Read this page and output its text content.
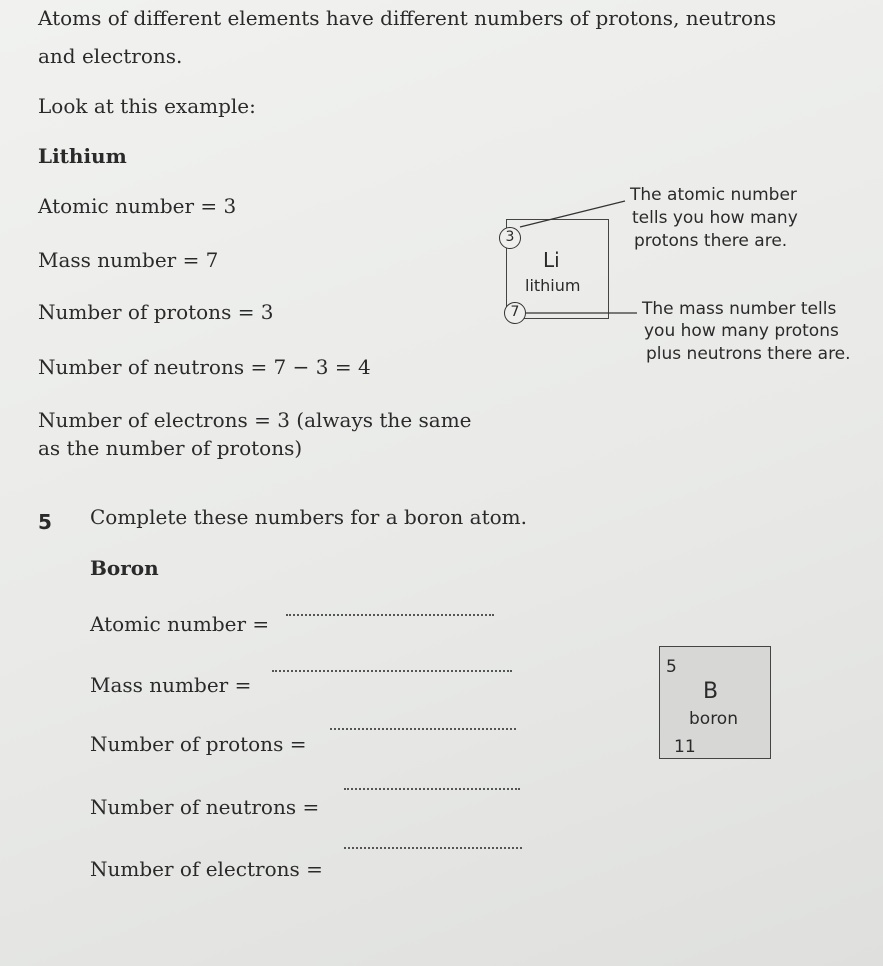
Atoms of different elements have different numbers of protons, neutrons
and electrons.
Look at this example:
Lithium
Atomic number = 3
Mass number = 7
Number of protons = 3
Number of neutrons = 7 − 3 = 4
Number of electrons = 3 (always the same
as the number of protons)
Li
lithium
3
7
The atomic number
tells you how many
protons there are.
The mass number tells
you how many protons
plus neutrons there are.
5 Complete these numbers for a boron atom.
Boron
Atomic number =
Mass number =
Number of protons =
Number of neutrons =
Number of electrons =
5
B
boron
11
